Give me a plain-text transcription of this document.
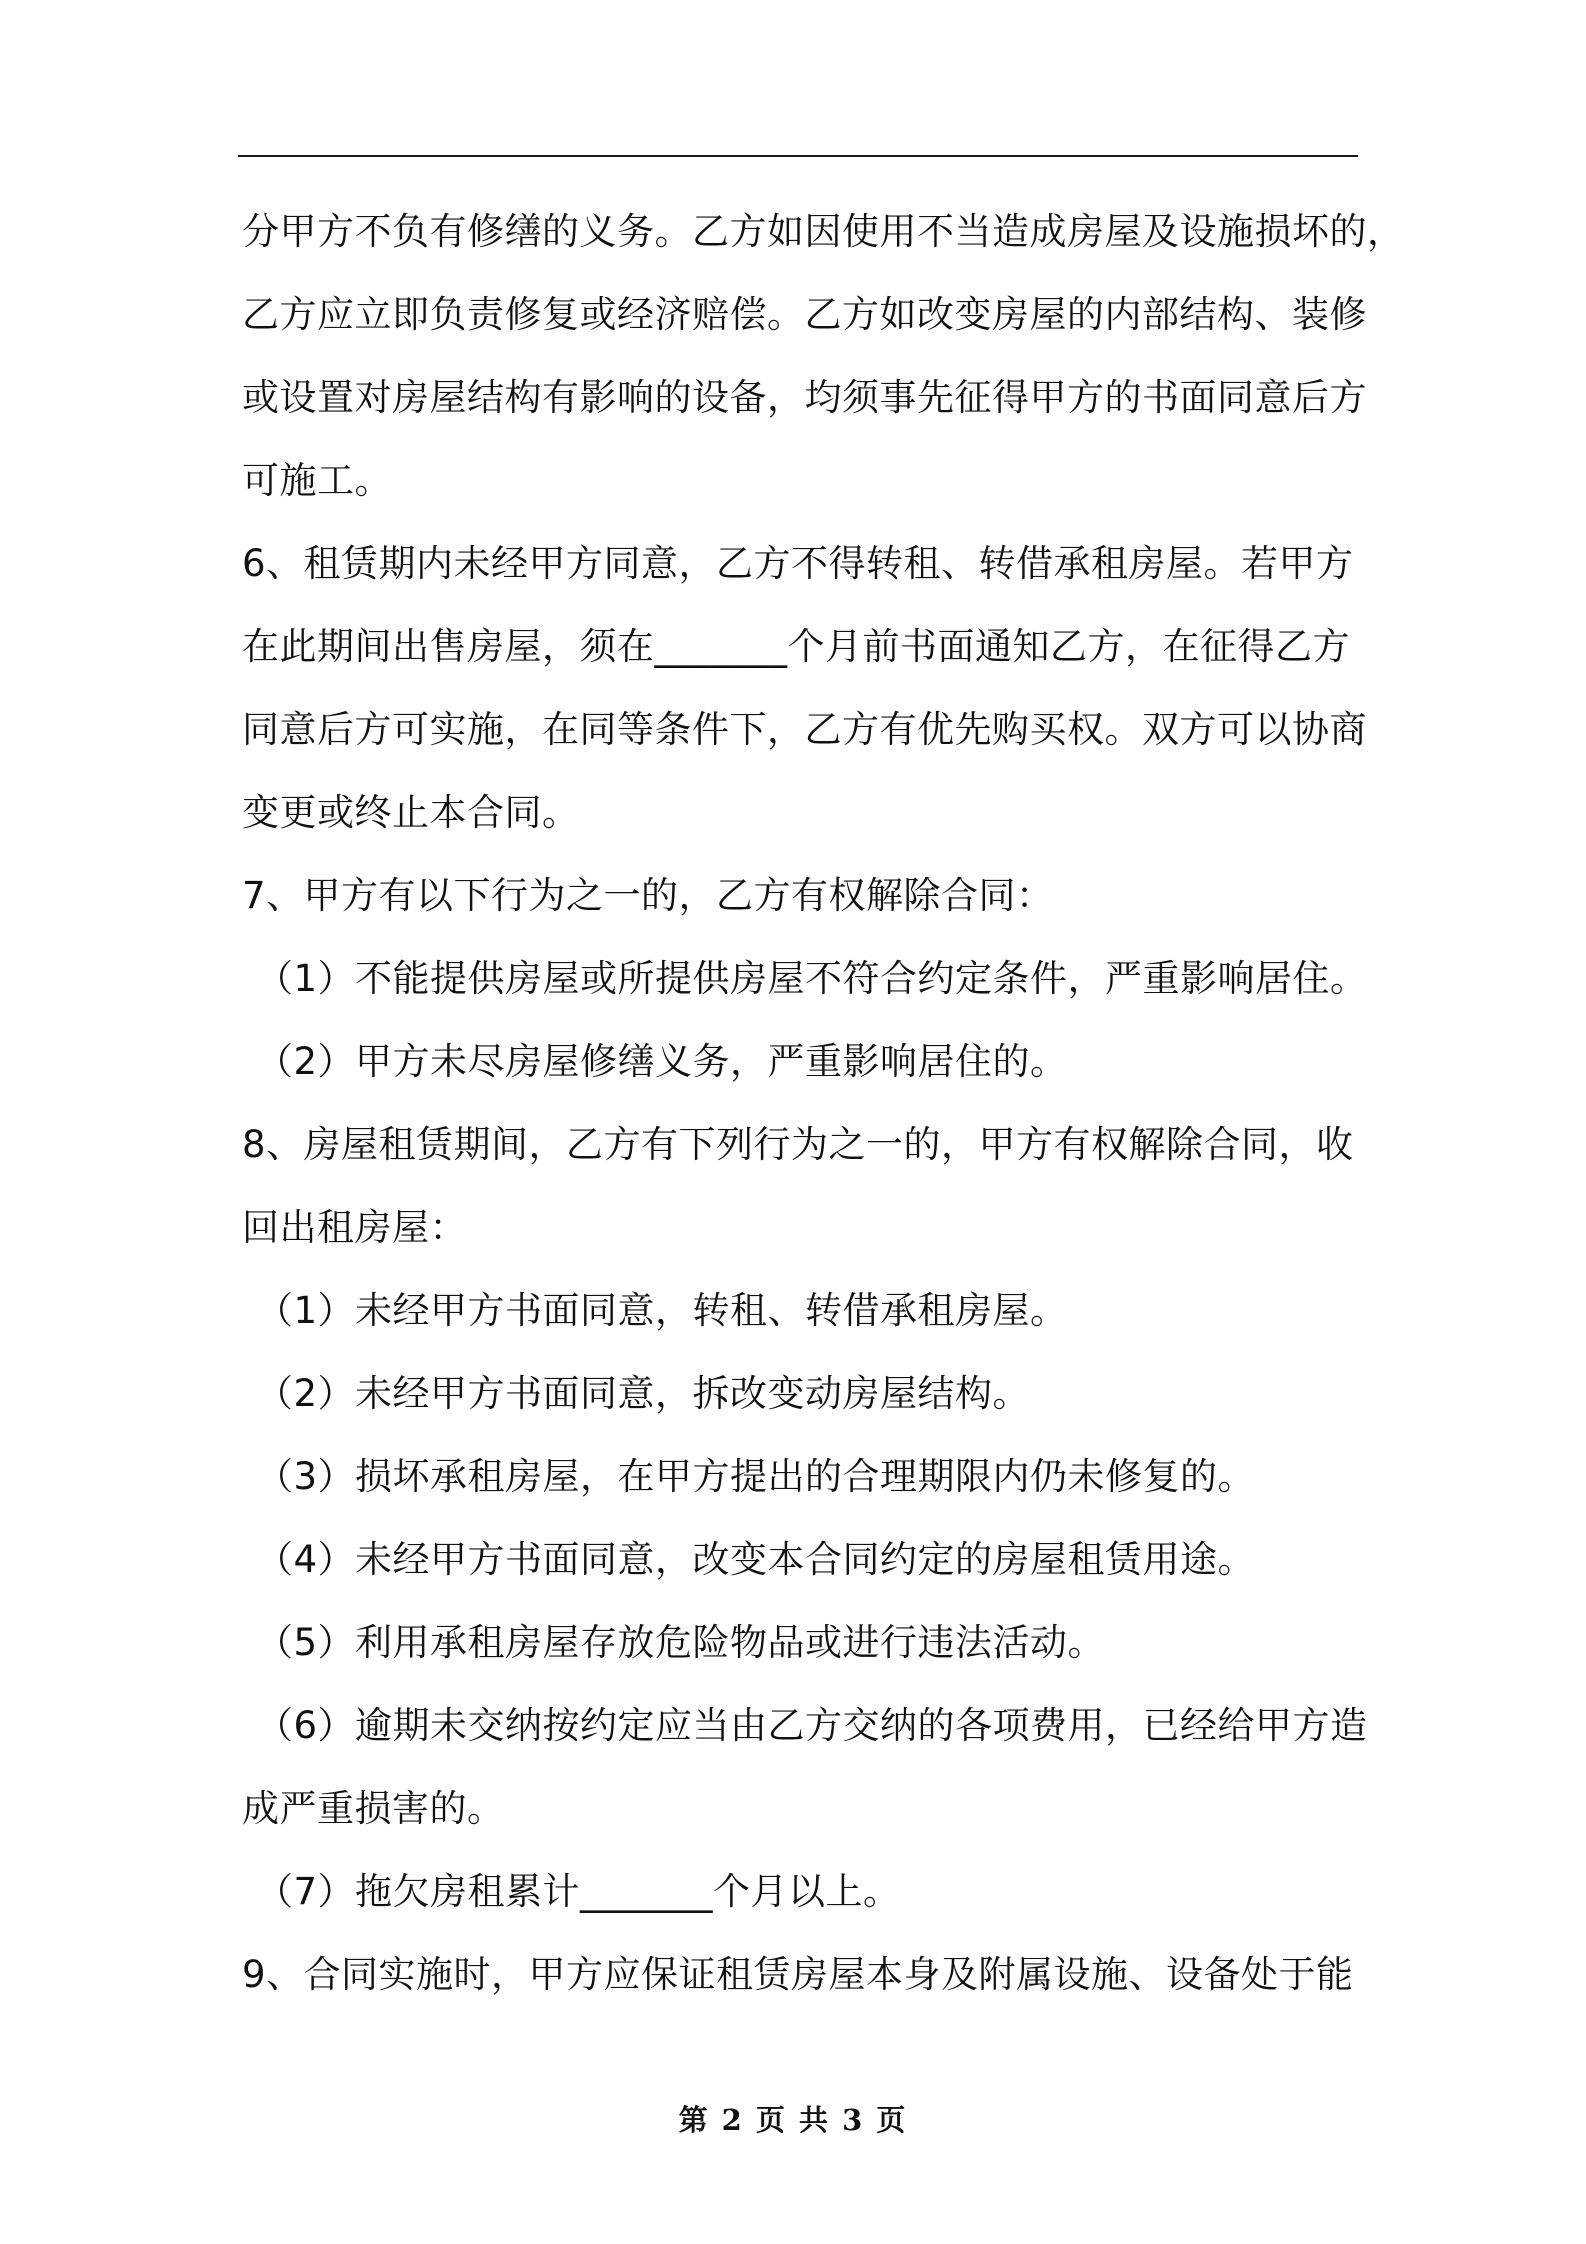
分甲方不负有修缮的义务。乙方如因使用不当造成房屋及设施损坏的，
乙方应立即负责修复或经济赔偿。乙方如改变房屋的内部结构、装修
或设置对房屋结构有影响的设备，均须事先征得甲方的书面同意后方
可施工。
6、租赁期内未经甲方同意，乙方不得转租、转借承租房屋。若甲方
在此期间出售房屋，须在_______个月前书面通知乙方，在征得乙方
同意后方可实施，在同等条件下，乙方有优先购买权。双方可以协商
变更或终止本合同。
7、甲方有以下行为之一的，乙方有权解除合同：
（1）不能提供房屋或所提供房屋不符合约定条件，严重影响居住。
（2）甲方未尽房屋修缮义务，严重影响居住的。
8、房屋租赁期间，乙方有下列行为之一的，甲方有权解除合同，收
回出租房屋：
（1）未经甲方书面同意，转租、转借承租房屋。
（2）未经甲方书面同意，拆改变动房屋结构。
（3）损坏承租房屋，在甲方提出的合理期限内仍未修复的。
（4）未经甲方书面同意，改变本合同约定的房屋租赁用途。
（5）利用承租房屋存放危险物品或进行违法活动。
（6）逾期未交纳按约定应当由乙方交纳的各项费用，已经给甲方造
成严重损害的。
（7）拖欠房租累计_______个月以上。
9、合同实施时，甲方应保证租赁房屋本身及附属设施、设备处于能
第 2 页 共 3 页
